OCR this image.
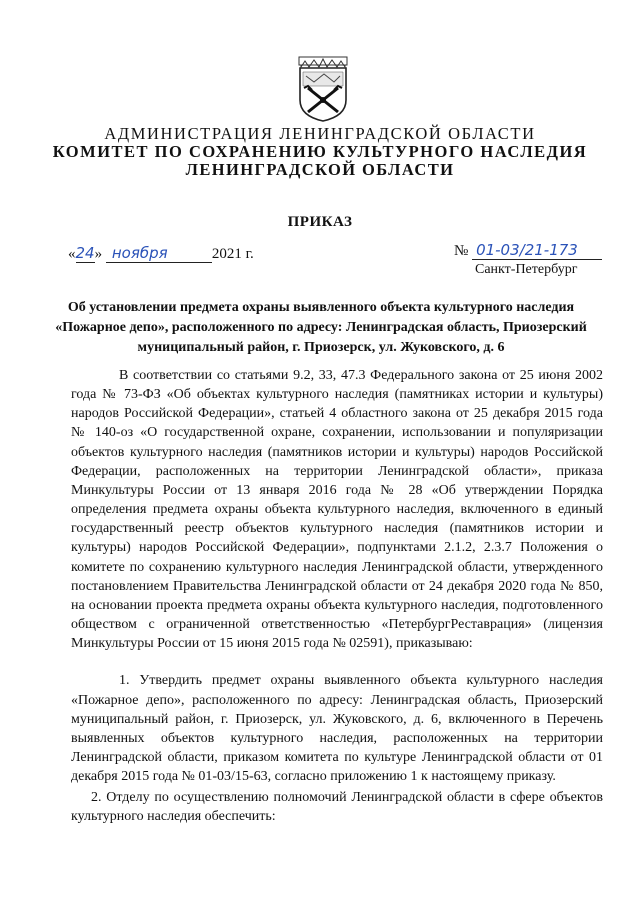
АДМИНИСТРАЦИЯ ЛЕНИНГРАДСКОЙ ОБЛАСТИ
КОМИТЕТ ПО СОХРАНЕНИЮ КУЛЬТУРНОГО НАСЛЕДИЯ
ЛЕНИНГРАДСКОЙ ОБЛАСТИ
ПРИКАЗ
«24» ноября	2021 г.	№ 01-03/21-173
Санкт-Петербург
Об установлении предмета охраны выявленного объекта культурного наследия «Пожарное депо», расположенного по адресу: Ленинградская область, Приозерский муниципальный район, г. Приозерск, ул. Жуковского, д. 6

В соответствии со статьями 9.2, 33, 47.3 Федерального закона от 25 июня 2002 года № 73-ФЗ «Об объектах культурного наследия (памятниках истории и культуры) народов Российской Федерации», статьей 4 областного закона от 25 декабря 2015 года № 140-оз «О государственной охране, сохранении, использовании и популяризации объектов культурного наследия (памятников истории и культуры) народов Российской Федерации, расположенных на территории Ленинградской области», приказа Минкультуры России от 13 января 2016 года № 28 «Об утверждении Порядка определения предмета охраны объекта культурного наследия, включенного в единый государственный реестр объектов культурного наследия (памятников истории и культуры) народов Российской Федерации», подпунктами 2.1.2, 2.3.7 Положения о комитете по сохранению культурного наследия Ленинградской области, утвержденного постановлением Правительства Ленинградской области от 24 декабря 2020 года № 850, на основании проекта предмета охраны объекта культурного наследия, подготовленного обществом с ограниченной ответственностью «ПетербургРеставрация» (лицензия Минкультуры России от 15 июня 2015 года № 02591), приказываю:

1. Утвердить предмет охраны выявленного объекта культурного наследия «Пожарное депо», расположенного по адресу: Ленинградская область, Приозерский муниципальный район, г. Приозерск, ул. Жуковского, д. 6, включенного в Перечень выявленных объектов культурного наследия, расположенных на территории Ленинградской области, приказом комитета по культуре Ленинградской области от 01 декабря 2015 года № 01-03/15-63, согласно приложению 1 к настоящему приказу.

2. Отделу по осуществлению полномочий Ленинградской области в сфере объектов культурного наследия обеспечить:
